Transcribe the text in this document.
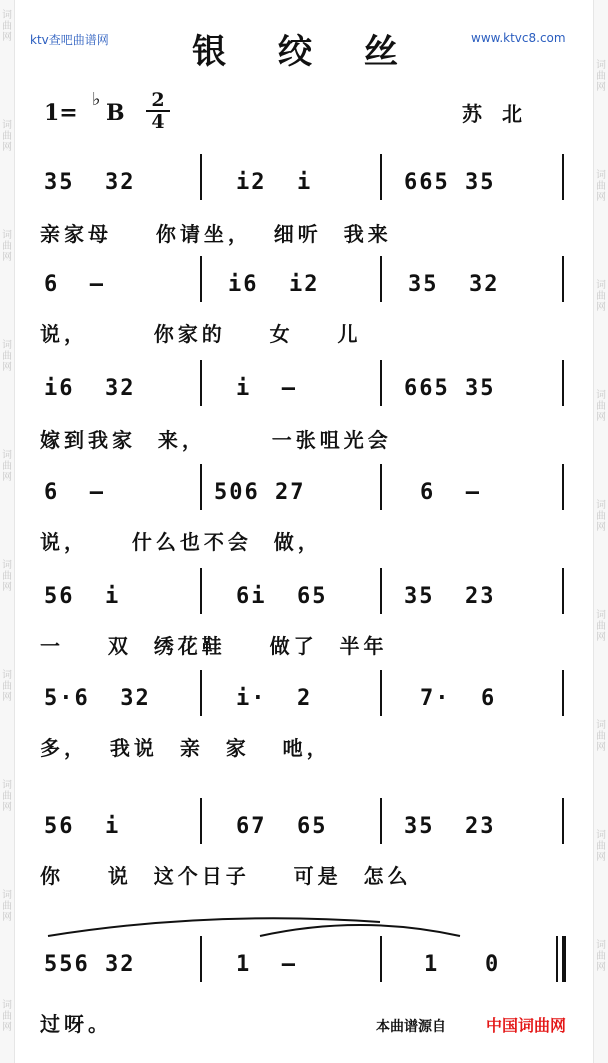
词曲网
词曲网
词曲网
词曲网
词曲网
词曲网
词曲网
词曲网
词曲网
词曲网
词曲网
词曲网
词曲网
词曲网
词曲网
词曲网
词曲网
词曲网
词曲网
ktv查吧曲谱网 银 绞 丝	www.ktvc8.com
1=
♭
B $\frac{2}{4}$	苏北
35  32	i2  i	665 35
亲家母    你请坐，  细听  我来
6  —	i6  i2	35  32
说，      你家的    女    儿
i6  32	i  —	665 35
嫁到我家  来，      一张咀光会
6  —	506 27	6  —
说，    什么也不会  做，
56  i	6i  65	35  23
一    双  绣花鞋    做了  半年
5·6  32	i·  2	7·  6
多，  我说  亲  家   吔，
56  i	67  65	35  23
你    说  这个日子    可是  怎么
556 32	1  —	1   0
过呀。	本曲谱源自	中国词曲网
